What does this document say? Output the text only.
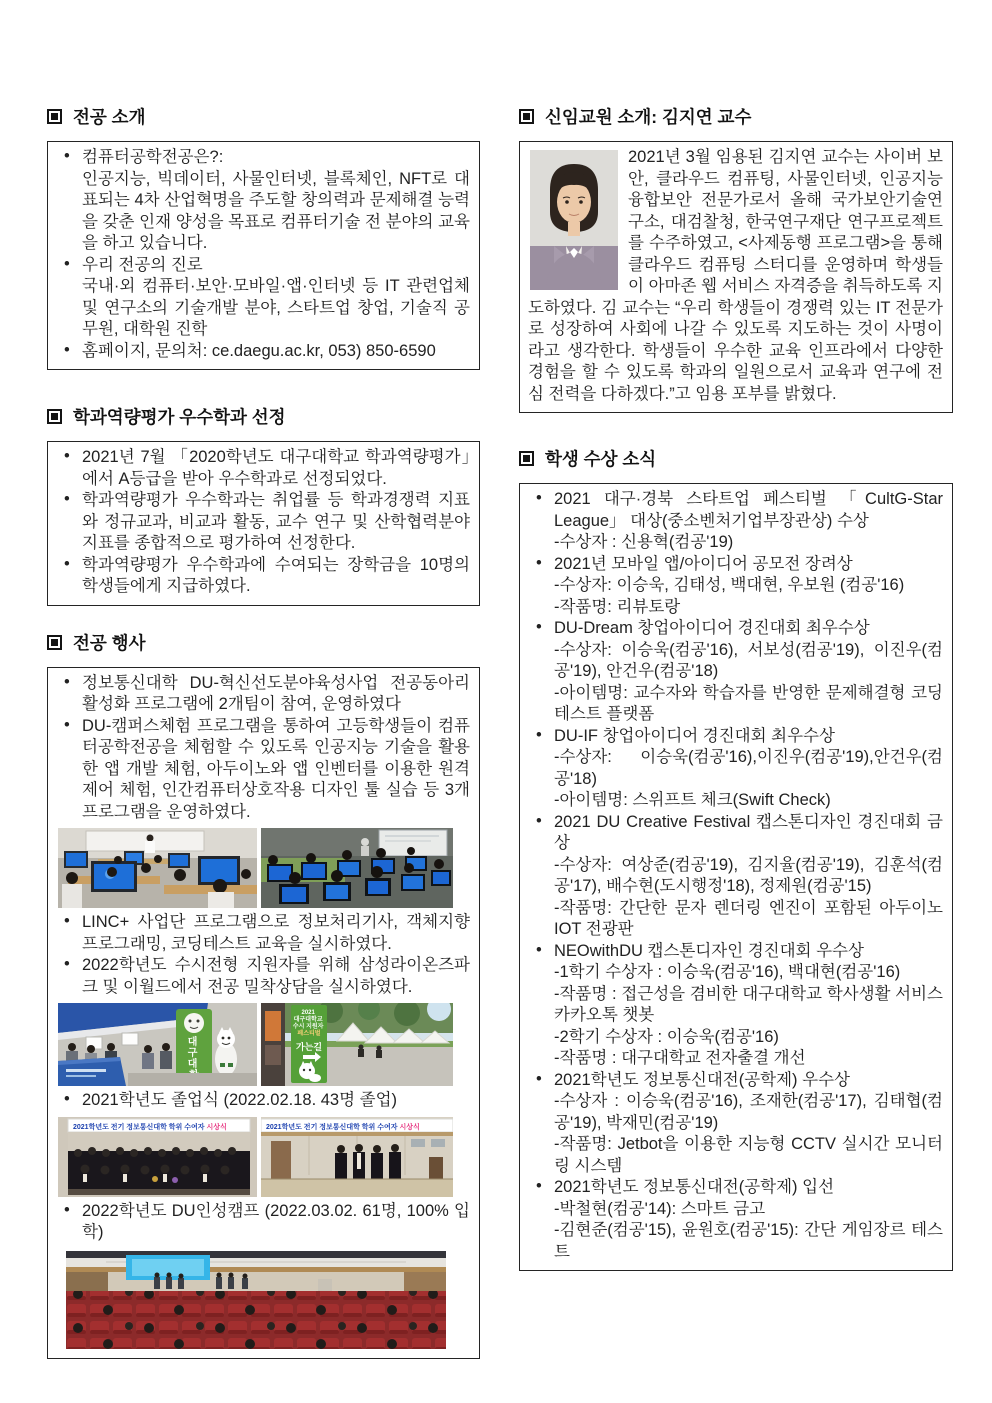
전공 소개
• 컴퓨터공학전공은?:
인공지능, 빅데이터, 사물인터넷, 블록체인, NFT로 대표되는 4차 산업혁명을 주도할 창의력과 문제해결 능력을 갖춘 인재 양성을 목표로 컴퓨터기술 전 분야의 교육을 하고 있습니다.
• 우리 전공의 진로
국내·외 컴퓨터·보안·모바일·앱·인터넷 등 IT 관련업체 및 연구소의 기술개발 분야, 스타트업 창업, 기술직 공무원, 대학원 진학
• 홈페이지, 문의처: ce.daegu.ac.kr, 053) 850-6590
학과역량평가 우수학과 선정
• 2021년 7월 「2020학년도 대구대학교 학과역량평가」에서 A등급을 받아 우수학과로 선정되었다.
• 학과역량평가 우수학과는 취업률 등 학과경쟁력 지표와 정규교과, 비교과 활동, 교수 연구 및 산학협력분야 지표를 종합적으로 평가하여 선정한다.
• 학과역량평가 우수학과에 수여되는 장학금을 10명의 학생들에게 지급하였다.
전공 행사
• 정보통신대학 DU-혁신선도분야육성사업 전공동아리 활성화 프로그램에 2개팀이 참여, 운영하였다
• DU-캠퍼스체험 프로그램을 통하여 고등학생들이 컴퓨터공학전공을 체험할 수 있도록 인공지능 기술을 활용한 앱 개발 체험, 아두이노와 앱 인벤터를 이용한 원격 제어 체험, 인간컴퓨터상호작용 디자인 툴 실습 등 3개 프로그램을 운영하였다.
• LINC+ 사업단 프로그램으로 정보처리기사, 객체지향 프로그래밍, 코딩테스트 교육을 실시하였다.
• 2022학년도 수시전형 지원자를 위해 삼성라이온즈파크 및 이월드에서 전공 밀착상담을 실시하였다.
대 구 대
2021 대구대학교 수시 지원자 페스티벌
가는길
• 2021학년도 졸업식 (2022.02.18. 43명 졸업)
2021학년도 전기 정보통신대학 학위 수여자 시상식	2021학년도 전기 정보통신대학 학위 수여자 시상식
• 2022학년도 DU인성캠프 (2022.03.02. 61명, 100% 입학)
신임교원 소개: 김지연 교수
2021년 3월 임용된 김지연 교수는 사이버 보안, 클라우드 컴퓨팅, 사물인터넷, 인공지능 융합보안 전문가로서 올해 국가보안기술연구소, 대검찰청, 한국연구재단 연구프로젝트를 수주하였고, <사제동행 프로그램>을 통해 클라우드 컴퓨팅 스터디를 운영하며 학생들이 아마존 웹 서비스 자격증을 취득하도록 지도하였다. 김 교수는 “우리 학생들이 경쟁력 있는 IT 전문가로 성장하여 사회에 나갈 수 있도록 지도하는 것이 사명이라고 생각한다. 학생들이 우수한 교육 인프라에서 다양한 경험을 할 수 있도록 학과의 일원으로서 교육과 연구에 전심 전력을 다하겠다.”고 임용 포부를 밝혔다.
학생 수상 소식
• 2021 대구·경북 스타트업 페스티벌 「CultG-Star League」 대상(중소벤처기업부장관상) 수상
-수상자 : 신용혁(컴공'19)
• 2021년 모바일 앱/아이디어 공모전 장려상
-수상자: 이승욱, 김태성, 백대현, 우보원 (컴공'16)
-작품명: 리뷰토랑
• DU-Dream 창업아이디어 경진대회 최우수상
-수상자: 이승욱(컴공'16), 서보성(컴공'19), 이진우(컴공'19), 안건우(컴공'18)
-아이템명: 교수자와 학습자를 반영한 문제해결형 코딩테스트 플랫폼
• DU-IF 창업아이디어 경진대회 최우수상
-수상자: 이승욱(컴공'16),이진우(컴공'19),안건우(컴공'18)
-아이템명: 스위프트 체크(Swift Check)
• 2021 DU Creative Festival 캡스톤디자인 경진대회 금상
-수상자: 여상준(컴공'19), 김지율(컴공'19), 김훈석(컴공'17), 배수현(도시행정'18), 정제원(컴공'15)
-작품명: 간단한 문자 렌더링 엔진이 포함된 아두이노 IOT 전광판
• NEOwithDU 캡스톤디자인 경진대회 우수상
-1학기 수상자 : 이승욱(컴공'16), 백대현(컴공'16)
-작품명 : 접근성을 겸비한 대구대학교 학사생활 서비스 카카오톡 챗봇
-2학기 수상자 : 이승욱(컴공'16)
-작품명 : 대구대학교 전자출결 개선
• 2021학년도 정보통신대전(공학제) 우수상
-수상자 : 이승욱(컴공'16), 조재한(컴공'17), 김태협(컴공'19), 박재민(컴공'19)
-작품명: Jetbot을 이용한 지능형 CCTV 실시간 모니터링 시스템
• 2021학년도 정보통신대전(공학제) 입선
-박철현(컴공'14): 스마트 금고
-김현준(컴공'15), 윤원호(컴공'15): 간단 게임장르 테스트
